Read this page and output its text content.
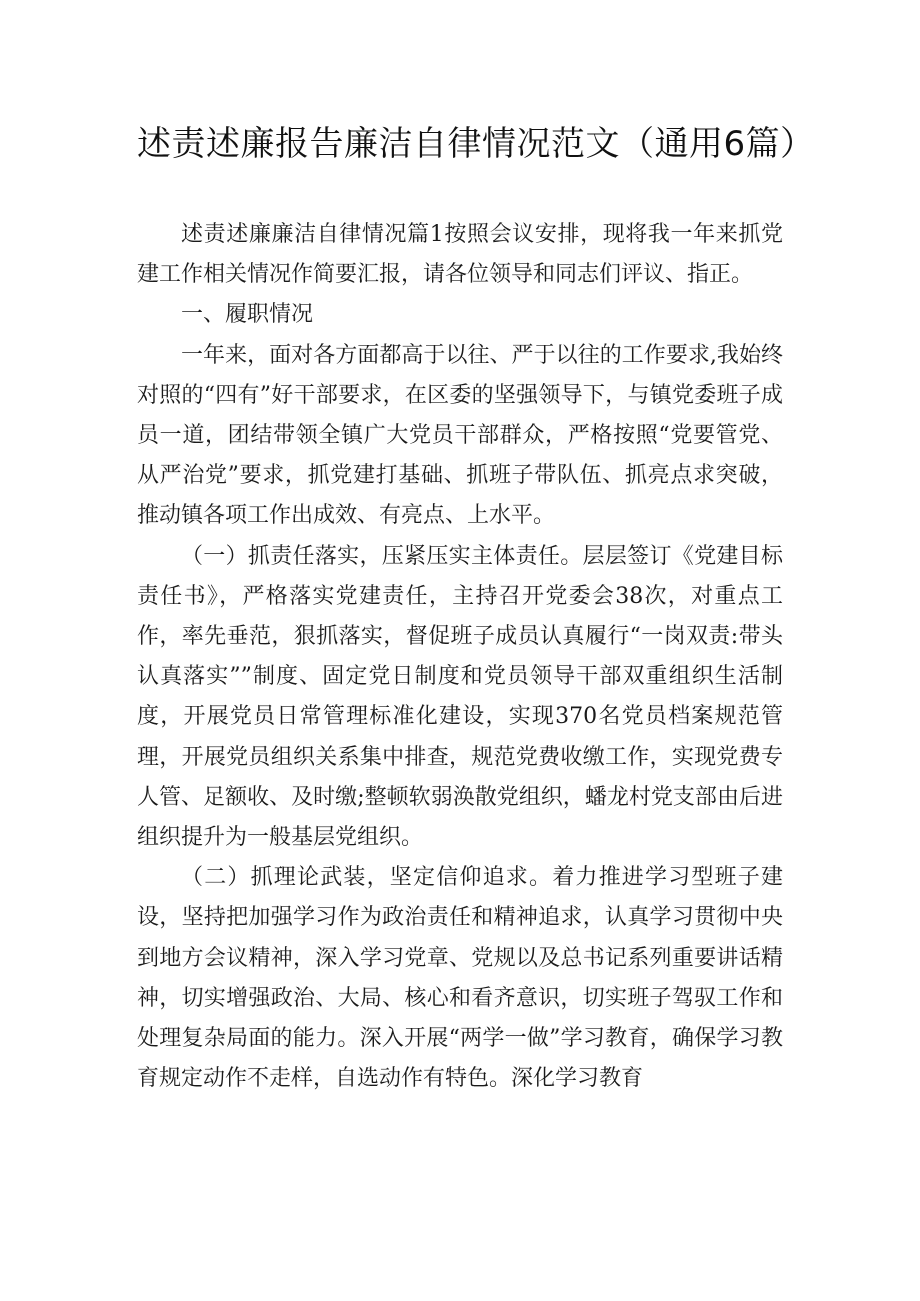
述责述廉报告廉洁自律情况范文（通用6篇）

述责述廉廉洁自律情况篇1按照会议安排，现将我一年来抓党建工作相关情况作简要汇报，请各位领导和同志们评议、指正。

一、履职情况

一年来，面对各方面都高于以往、严于以往的工作要求,我始终对照的“四有”好干部要求，在区委的坚强领导下，与镇党委班子成员一道，团结带领全镇广大党员干部群众，严格按照“党要管党、从严治党”要求，抓党建打基础、抓班子带队伍、抓亮点求突破，推动镇各项工作出成效、有亮点、上水平。

（一）抓责任落实，压紧压实主体责任。层层签订《党建目标责任书》，严格落实党建责任，主持召开党委会38次，对重点工作，率先垂范，狠抓落实，督促班子成员认真履行“一岗双责:带头认真落实””制度、固定党日制度和党员领导干部双重组织生活制度，开展党员日常管理标准化建设，实现370名党员档案规范管理，开展党员组织关系集中排查，规范党费收缴工作，实现党费专人管、足额收、及时缴;整顿软弱涣散党组织，蟠龙村党支部由后进组织提升为一般基层党组织。

（二）抓理论武装，坚定信仰追求。着力推进学习型班子建设，坚持把加强学习作为政治责任和精神追求，认真学习贯彻中央到地方会议精神，深入学习党章、党规以及总书记系列重要讲话精神，切实增强政治、大局、核心和看齐意识，切实班子驾驭工作和处理复杂局面的能力。深入开展“两学一做”学习教育，确保学习教育规定动作不走样，自选动作有特色。深化学习教育
